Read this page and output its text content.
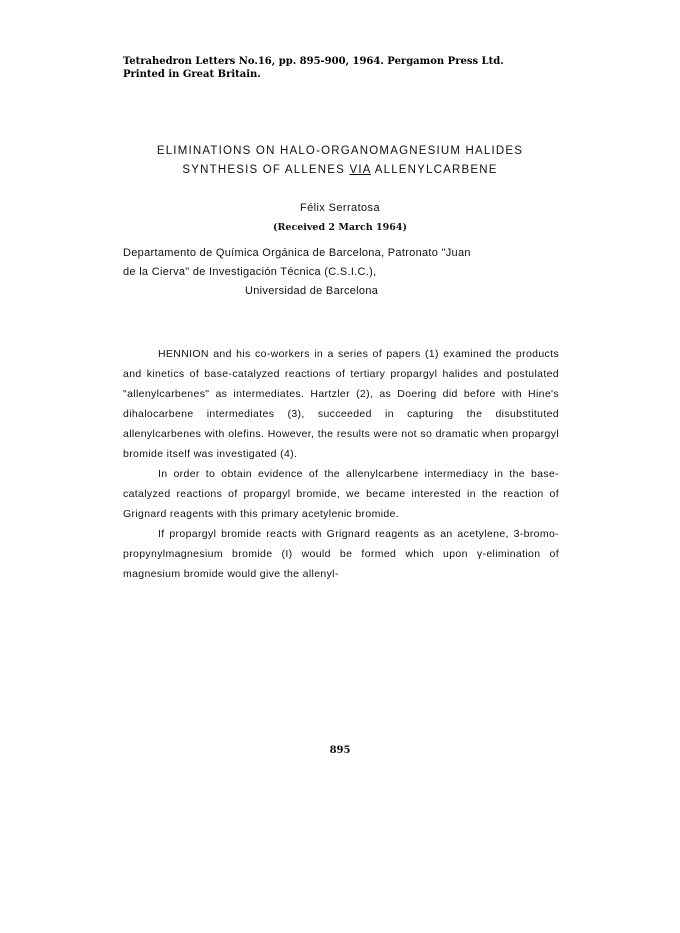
Tetrahedron Letters No.16, pp. 895-900, 1964. Pergamon Press Ltd.
Printed in Great Britain.
ELIMINATIONS ON HALO-ORGANOMAGNESIUM HALIDES
SYNTHESIS OF ALLENES VIA ALLENYLCARBENE
Félix Serratosa
(Received 2 March 1964)
Departamento de Química Orgánica de Barcelona, Patronato "Juan
de la Cierva" de Investigación Técnica (C.S.I.C.),
Universidad de Barcelona

HENNION and his co-workers in a series of papers (1) examined the products and kinetics of base-catalyzed reactions of tertiary propargyl halides and postulated "allenylcarbenes" as intermediates. Hartzler (2), as Doering did before with Hine's dihalocarbene intermediates (3), succeeded in capturing the disubstituted allenylcarbenes with olefins. However, the results were not so dramatic when propargyl bromide itself was investigated (4).

In order to obtain evidence of the allenylcarbene intermediacy in the base-catalyzed reactions of propargyl bromide, we became interested in the reaction of Grignard reagents with this primary acetylenic bromide.

If propargyl bromide reacts with Grignard reagents as an acetylene, 3-bromo-propynylmagnesium bromide (I) would be formed which upon γ-elimination of magnesium bromide would give the allenyl-

895
